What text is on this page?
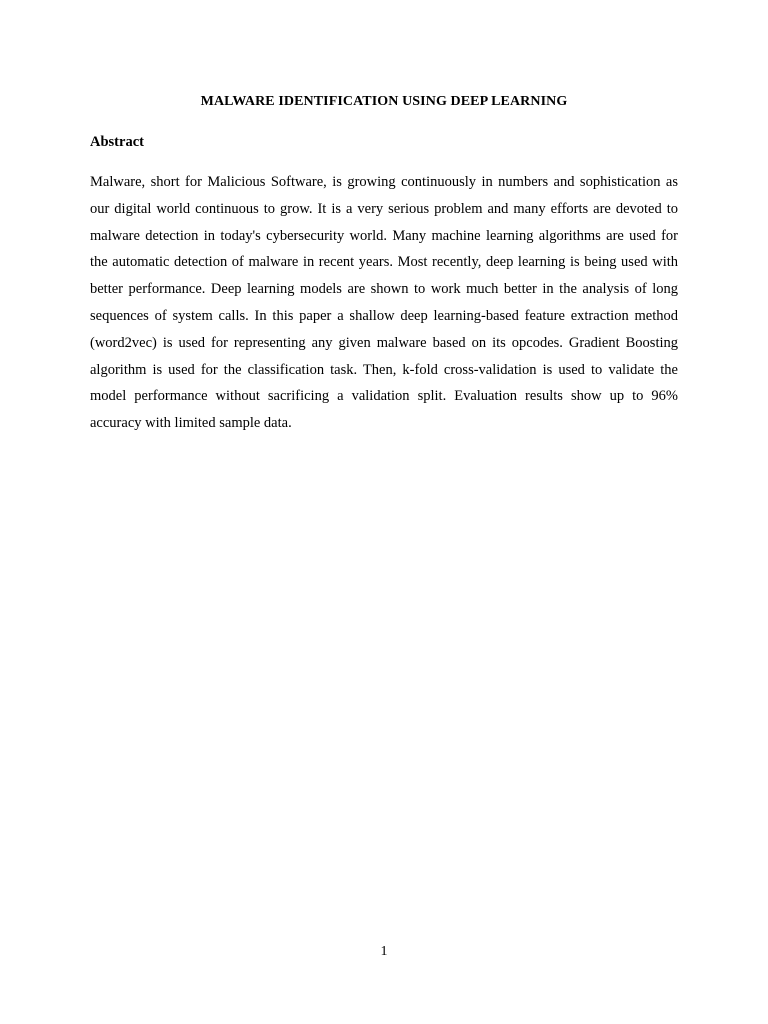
MALWARE IDENTIFICATION USING DEEP LEARNING
Abstract

Malware, short for Malicious Software, is growing continuously in numbers and sophistication as our digital world continuous to grow. It is a very serious problem and many efforts are devoted to malware detection in today's cybersecurity world. Many machine learning algorithms are used for the automatic detection of malware in recent years. Most recently, deep learning is being used with better performance. Deep learning models are shown to work much better in the analysis of long sequences of system calls. In this paper a shallow deep learning-based feature extraction method (word2vec) is used for representing any given malware based on its opcodes. Gradient Boosting algorithm is used for the classification task. Then, k-fold cross-validation is used to validate the model performance without sacrificing a validation split. Evaluation results show up to 96% accuracy with limited sample data.

1
